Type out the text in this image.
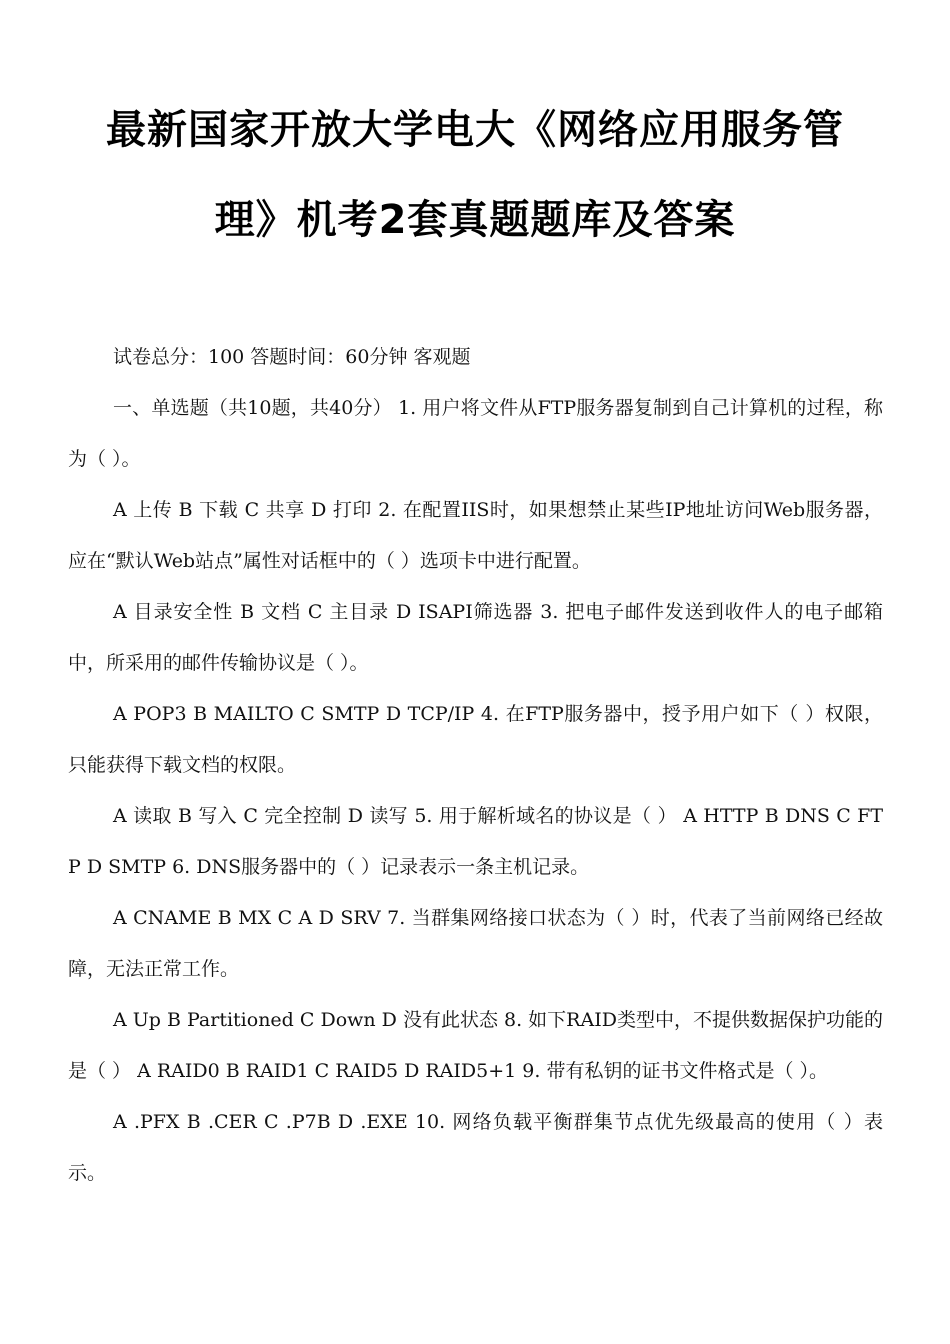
最新国家开放大学电大《网络应用服务管
理》机考2套真题题库及答案

试卷总分：100 答题时间：60分钟 客观题

一、单选题（共10题，共40分） 1. 用户将文件从FTP服务器复制到自己计算机的过程，称为（ ）。

A 上传 B 下载 C 共享 D 打印 2. 在配置IIS时，如果想禁止某些IP地址访问Web服务器，应在“默认Web站点”属性对话框中的（ ）选项卡中进行配置。

A 目录安全性 B 文档 C 主目录 D ISAPI筛选器 3. 把电子邮件发送到收件人的电子邮箱中，所采用的邮件传输协议是（ ）。

A POP3 B MAILTO C SMTP D TCP/IP 4. 在FTP服务器中，授予用户如下（ ）权限，只能获得下载文档的权限。

A 读取 B 写入 C 完全控制 D 读写 5. 用于解析域名的协议是（ ） A HTTP B DNS C FTP D SMTP 6. DNS服务器中的（ ）记录表示一条主机记录。

A CNAME B MX C A D SRV 7. 当群集网络接口状态为（ ）时，代表了当前网络已经故障，无法正常工作。

A Up B Partitioned C Down D 没有此状态 8. 如下RAID类型中，不提供数据保护功能的是（ ） A RAID0 B RAID1 C RAID5 D RAID5+1 9. 带有私钥的证书文件格式是（ ）。

A .PFX B .CER C .P7B D .EXE 10. 网络负载平衡群集节点优先级最高的使用（ ）表示。
